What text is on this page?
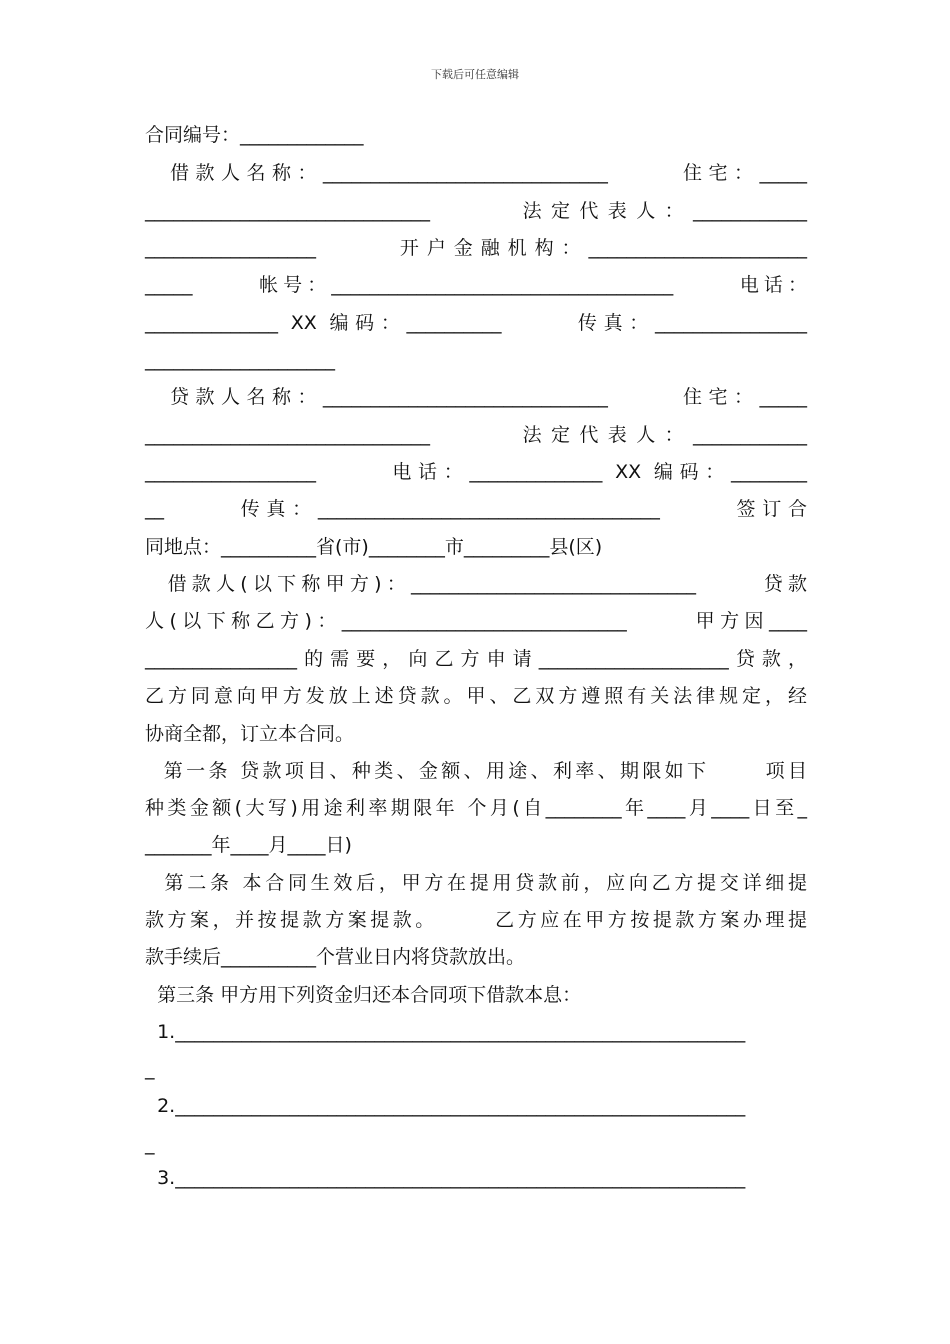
下载后可任意编辑
合同编号：_____________
借款人名称：______________________________      住宅：_____
______________________________      法定代表人：____________
__________________      开户金融机构：_______________________
_____      帐号：____________________________________      电话：
______________ XX 编码：__________      传真：________________
____________________
贷款人名称：______________________________      住宅：_____
______________________________      法定代表人：____________
__________________      电话：______________ XX 编码：________
__      传真：____________________________________      签订合
同地点：__________省(市)________市_________县(区)
借款人(以下称甲方)：______________________________      贷款
人(以下称乙方)：______________________________      甲方因____
________________的需要，向乙方申请____________________贷款，
乙方同意向甲方发放上述贷款。甲、乙双方遵照有关法律规定，经
协商全都，订立本合同。
第一条 贷款项目、种类、金额、用途、利率、期限如下      项目
种类金额(大写)用途利率期限年 个月(自________年____月____日至_
_______年____月____日)
第二条 本合同生效后，甲方在提用贷款前，应向乙方提交详细提
款方案，并按提款方案提款。      乙方应在甲方按提款方案办理提
款手续后__________个营业日内将贷款放出。
第三条 甲方用下列资金归还本合同项下借款本息：
1.____________________________________________________________
_
2.____________________________________________________________
_
3.____________________________________________________________
